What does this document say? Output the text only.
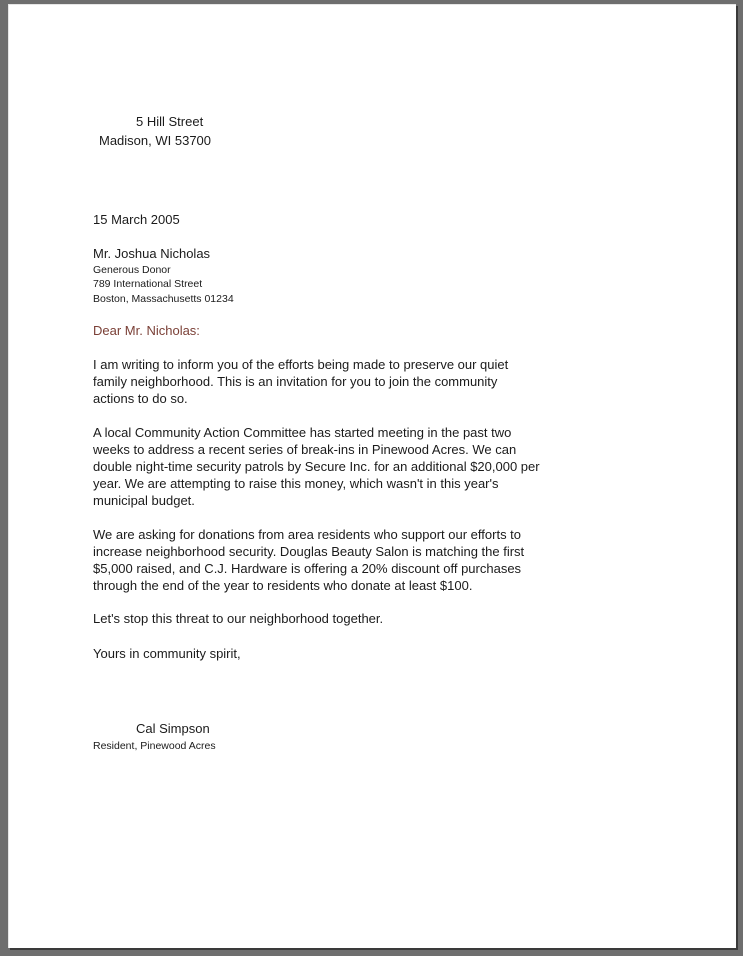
5 Hill Street
Madison, WI 53700
15 March 2005
Mr. Joshua Nicholas
Generous Donor
789 International Street
Boston, Massachusetts 01234
Dear Mr. Nicholas:
I am writing to inform you of the efforts being made to preserve our quiet
family neighborhood. This is an invitation for you to join the community
actions to do so.
A local Community Action Committee has started meeting in the past two
weeks to address a recent series of break-ins in Pinewood Acres. We can
double night-time security patrols by Secure Inc. for an additional $20,000 per
year. We are attempting to raise this money, which wasn't in this year's
municipal budget.
We are asking for donations from area residents who support our efforts to
increase neighborhood security. Douglas Beauty Salon is matching the first
$5,000 raised, and C.J. Hardware is offering a 20% discount off purchases
through the end of the year to residents who donate at least $100.
Let's stop this threat to our neighborhood together.
Yours in community spirit,
Cal Simpson
Resident, Pinewood Acres
